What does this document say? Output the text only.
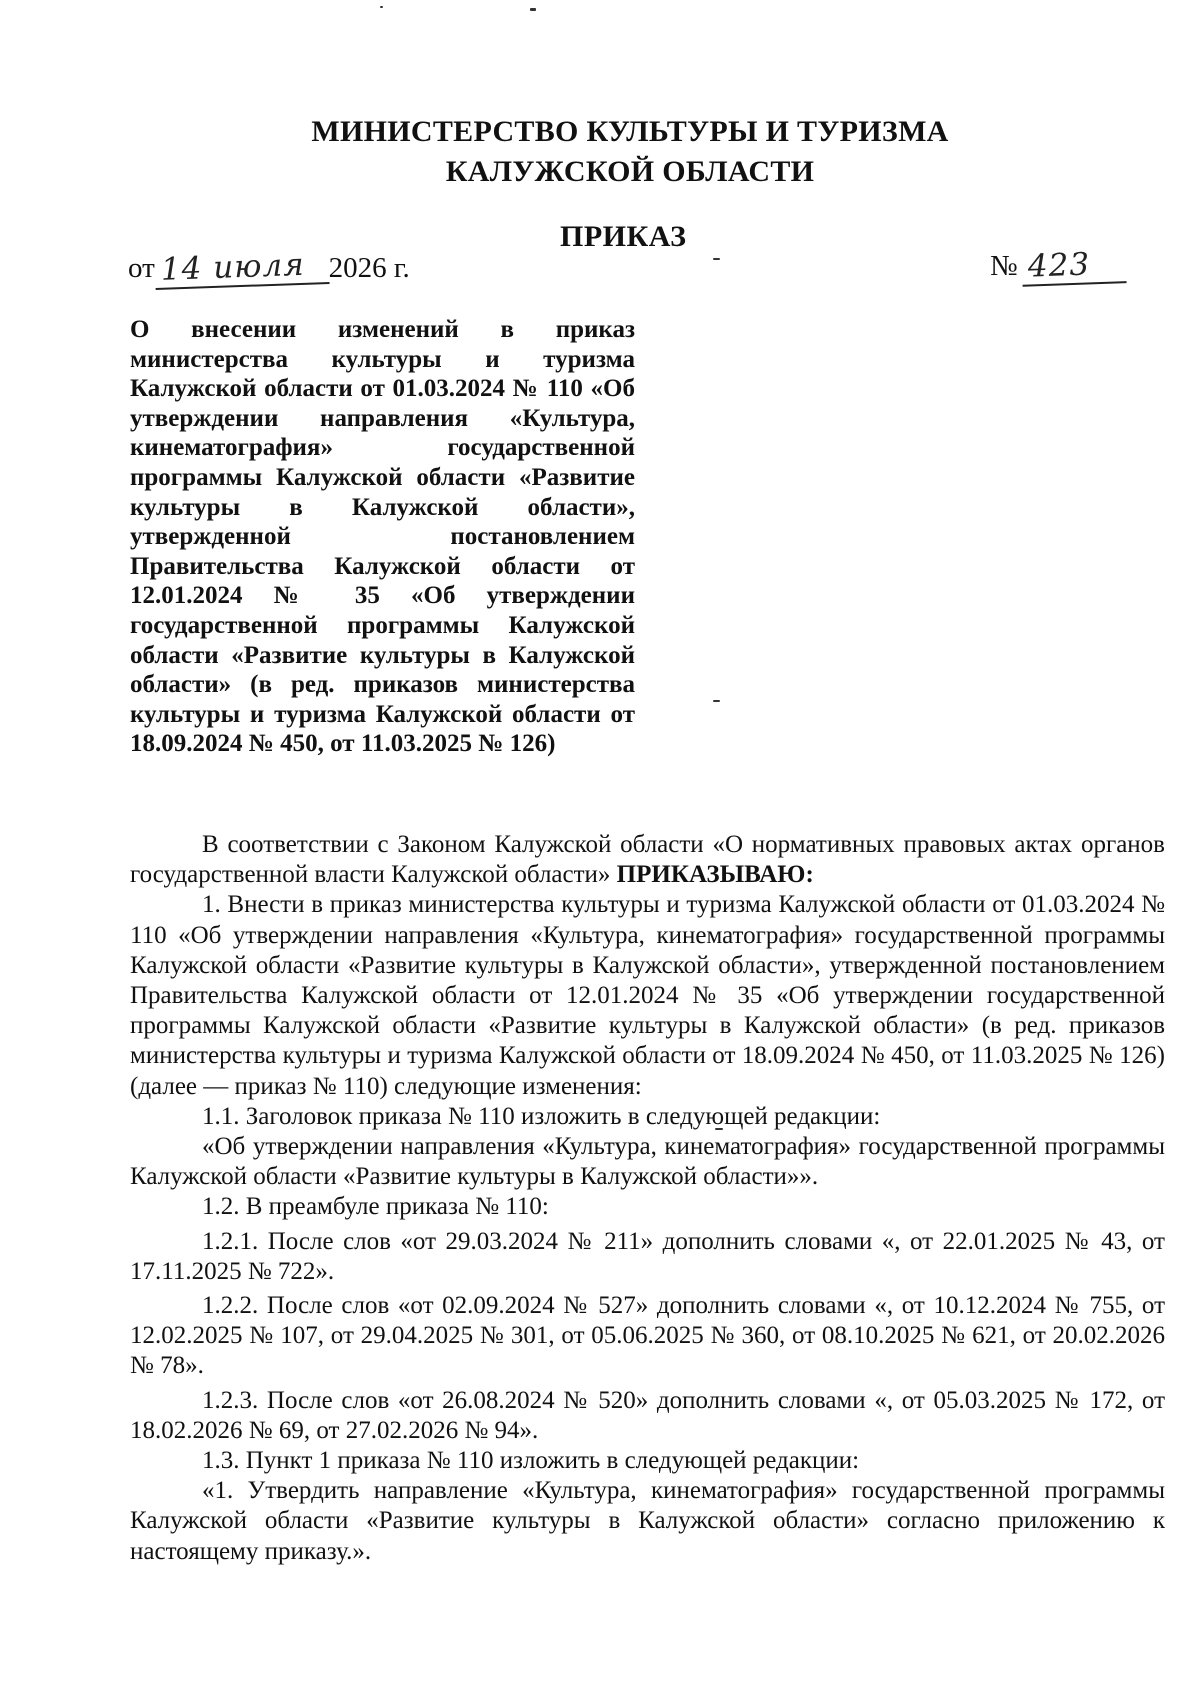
МИНИСТЕРСТВО КУЛЬТУРЫ И ТУРИЗМА
КАЛУЖСКОЙ ОБЛАСТИ
ПРИКАЗ
от 14 июля 2026 г.	№ 423

О внесении изменений в приказ министерства культуры и туризма Калужской области от 01.03.2024 № 110 «Об утверждении направления «Культура, кинематография» государственной программы Калужской области «Развитие культуры в Калужской области», утвержденной постановлением Правительства Калужской области от 12.01.2024 № 35 «Об утверждении государственной программы Калужской области «Развитие культуры в Калужской области» (в ред. приказов министерства культуры и туризма Калужской области от 18.09.2024 № 450, от 11.03.2025 № 126)

В соответствии с Законом Калужской области «О нормативных правовых актах органов государственной власти Калужской области» ПРИКАЗЫВАЮ:

1. Внести в приказ министерства культуры и туризма Калужской области от 01.03.2024 № 110 «Об утверждении направления «Культура, кинематография» государственной программы Калужской области «Развитие культуры в Калужской области», утвержденной постановлением Правительства Калужской области от 12.01.2024 № 35 «Об утверждении государственной программы Калужской области «Развитие культуры в Калужской области» (в ред. приказов министерства культуры и туризма Калужской области от 18.09.2024 № 450, от 11.03.2025 № 126) (далее — приказ № 110) следующие изменения:

1.1. Заголовок приказа № 110 изложить в следующей редакции:

«Об утверждении направления «Культура, кинематография» государственной программы Калужской области «Развитие культуры в Калужской области»».

1.2. В преамбуле приказа № 110:

1.2.1. После слов «от 29.03.2024 № 211» дополнить словами «, от 22.01.2025 № 43, от 17.11.2025 № 722».

1.2.2. После слов «от 02.09.2024 № 527» дополнить словами «, от 10.12.2024 № 755, от 12.02.2025 № 107, от 29.04.2025 № 301, от 05.06.2025 № 360, от 08.10.2025 № 621, от 20.02.2026 № 78».

1.2.3. После слов «от 26.08.2024 № 520» дополнить словами «, от 05.03.2025 № 172, от 18.02.2026 № 69, от 27.02.2026 № 94».

1.3. Пункт 1 приказа № 110 изложить в следующей редакции:

«1. Утвердить направление «Культура, кинематография» государственной программы Калужской области «Развитие культуры в Калужской области» согласно приложению к настоящему приказу.».
